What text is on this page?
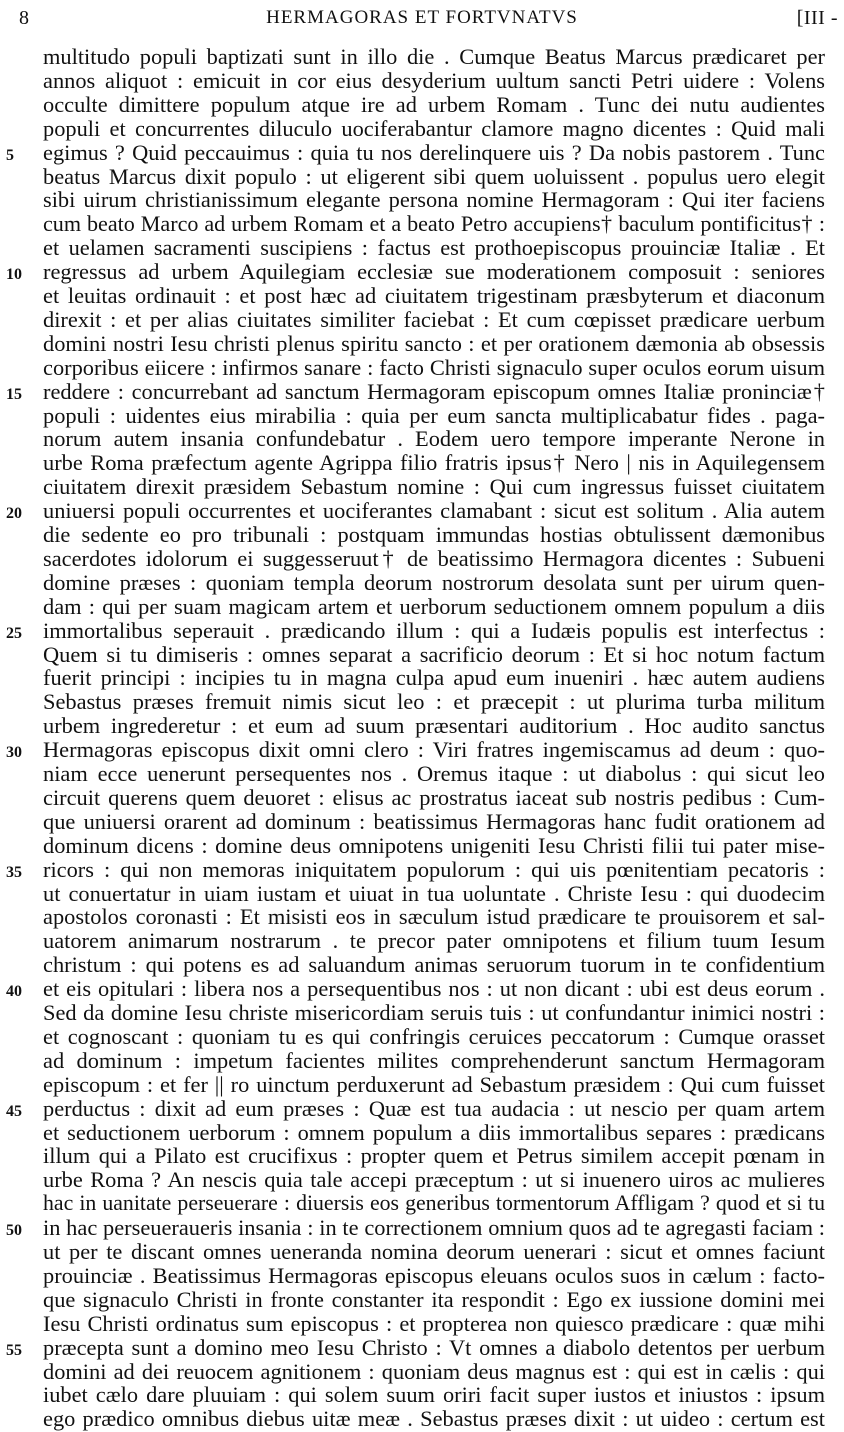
8	HERMAGORAS ET FORTVNATVS	[III -
multitudo populi baptizati sunt in illo die . Cumque Beatus Marcus prædicaret per
annos aliquot : emicuit in cor eius desyderium uultum sancti Petri uidere : Volens
occulte dimittere populum atque ire ad urbem Romam . Tunc dei nutu audientes
populi et concurrentes diluculo uociferabantur clamore magno dicentes : Quid mali
5	egimus ? Quid peccauimus : quia tu nos derelinquere uis ? Da nobis pastorem . Tunc
beatus Marcus dixit populo : ut eligerent sibi quem uoluissent . populus uero elegit
sibi uirum christianissimum elegante persona nomine Hermagoram : Qui iter faciens
cum beato Marco ad urbem Romam et a beato Petro accupiens† baculum pontificitus† :
et uelamen sacramenti suscipiens : factus est prothoepiscopus prouinciæ Italiæ . Et
10 regressus ad urbem Aquilegiam ecclesiæ sue moderationem composuit : seniores
et leuitas ordinauit : et post hæc ad ciuitatem trigestinam præsbyterum et diaconum
direxit : et per alias ciuitates similiter faciebat : Et cum cœpisset prædicare uerbum
domini nostri Iesu christi plenus spiritu sancto : et per orationem dæmonia ab obsessis
corporibus eiicere : infirmos sanare : facto Christi signaculo super oculos eorum uisum
15 reddere : concurrebant ad sanctum Hermagoram episcopum omnes Italiæ proninciæ†
populi : uidentes eius mirabilia : quia per eum sancta multiplicabatur fides . paga-
norum autem insania confundebatur . Eodem uero tempore imperante Nerone in
urbe Roma præfectum agente Agrippa filio fratris ipsus† Nero | nis in Aquilegensem
ciuitatem direxit præsidem Sebastum nomine : Qui cum ingressus fuisset ciuitatem
20 uniuersi populi occurrentes et uociferantes clamabant : sicut est solitum . Alia autem
die sedente eo pro tribunali : postquam immundas hostias obtulissent dæmonibus
sacerdotes idolorum ei suggesseruut† de beatissimo Hermagora dicentes : Subueni
domine præses : quoniam templa deorum nostrorum desolata sunt per uirum quen-
dam : qui per suam magicam artem et uerborum seductionem omnem populum a diis
25 immortalibus seperauit . prædicando illum : qui a Iudæis populis est interfectus :
Quem si tu dimiseris : omnes separat a sacrificio deorum : Et si hoc notum factum
fuerit principi : incipies tu in magna culpa apud eum inueniri . hæc autem audiens
Sebastus præses fremuit nimis sicut leo : et præcepit : ut plurima turba militum
urbem ingrederetur : et eum ad suum præsentari auditorium . Hoc audito sanctus
30 Hermagoras episcopus dixit omni clero : Viri fratres ingemiscamus ad deum : quo-
niam ecce uenerunt persequentes nos . Oremus itaque : ut diabolus : qui sicut leo
circuit querens quem deuoret : elisus ac prostratus iaceat sub nostris pedibus : Cum-
que uniuersi orarent ad dominum : beatissimus Hermagoras hanc fudit orationem ad
dominum dicens : domine deus omnipotens unigeniti Iesu Christi filii tui pater mise-
35 ricors : qui non memoras iniquitatem populorum : qui uis pœnitentiam pecatoris :
ut conuertatur in uiam iustam et uiuat in tua uoluntate . Christe Iesu : qui duodecim
apostolos coronasti : Et misisti eos in sæculum istud prædicare te prouisorem et sal-
uatorem animarum nostrarum . te precor pater omnipotens et filium tuum Iesum
christum : qui potens es ad saluandum animas seruorum tuorum in te confidentium
40 et eis opitulari : libera nos a persequentibus nos : ut non dicant : ubi est deus eorum .
Sed da domine Iesu christe misericordiam seruis tuis : ut confundantur inimici nostri :
et cognoscant : quoniam tu es qui confringis ceruices peccatorum : Cumque orasset
ad dominum : impetum facientes milites comprehenderunt sanctum Hermagoram
episcopum : et fer || ro uinctum perduxerunt ad Sebastum præsidem : Qui cum fuisset
45 perductus : dixit ad eum præses : Quæ est tua audacia : ut nescio per quam artem
et seductionem uerborum : omnem populum a diis immortalibus separes : prædicans
illum qui a Pilato est crucifixus : propter quem et Petrus similem accepit pœnam in
urbe Roma ? An nescis quia tale accepi præceptum : ut si inuenero uiros ac mulieres
hac in uanitate perseuerare : diuersis eos generibus tormentorum Affligam ? quod et si tu
50 in hac perseueraueris insania : in te correctionem omnium quos ad te agregasti faciam :
ut per te discant omnes ueneranda nomina deorum uenerari : sicut et omnes faciunt
prouinciæ . Beatissimus Hermagoras episcopus eleuans oculos suos in cælum : facto-
que signaculo Christi in fronte constanter ita respondit : Ego ex iussione domini mei
Iesu Christi ordinatus sum episcopus : et propterea non quiesco prædicare : quæ mihi
55 præcepta sunt a domino meo Iesu Christo : Vt omnes a diabolo detentos per uerbum
domini ad dei reuocem agnitionem : quoniam deus magnus est : qui est in cælis : qui
iubet cælo dare pluuiam : qui solem suum oriri facit super iustos et iniustos : ipsum
ego prædico omnibus diebus uitæ meæ . Sebastus præses dixit : ut uideo : certum est
